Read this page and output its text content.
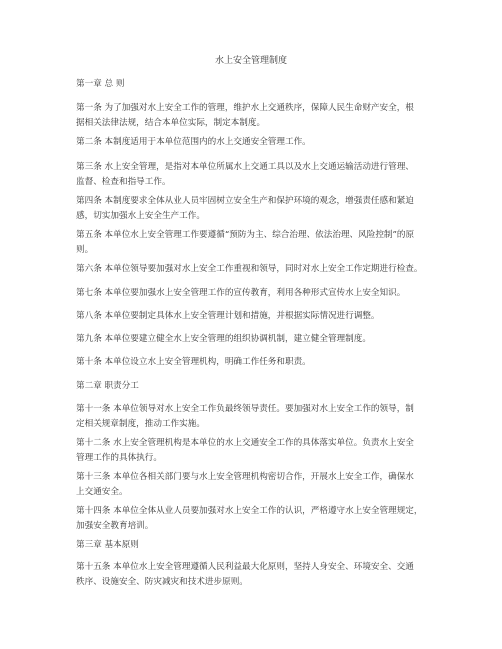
水上安全管理制度
第一章 总 则
第一条 为了加强对水上安全工作的管理，维护水上交通秩序，保障人民生命财产安全，根
据相关法律法规，结合本单位实际，制定本制度。
第二条 本制度适用于本单位范围内的水上交通安全管理工作。
第三条 水上安全管理，是指对本单位所属水上交通工具以及水上交通运输活动进行管理、
监督、检查和指导工作。
第四条 本制度要求全体从业人员牢固树立安全生产和保护环境的观念，增强责任感和紧迫
感，切实加强水上安全生产工作。
第五条 本单位水上安全管理工作要遵循“预防为主、综合治理、依法治理、风险控制”的原
则。
第六条 本单位领导要加强对水上安全工作重视和领导，同时对水上安全工作定期进行检查。
第七条 本单位要加强水上安全管理工作的宣传教育，利用各种形式宣传水上安全知识。
第八条 本单位要制定具体水上安全管理计划和措施，并根据实际情况进行调整。
第九条 本单位要建立健全水上安全管理的组织协调机制，建立健全管理制度。
第十条 本单位设立水上安全管理机构，明确工作任务和职责。
第二章 职责分工
第十一条 本单位领导对水上安全工作负最终领导责任。要加强对水上安全工作的领导，制
定相关规章制度，推动工作实施。
第十二条 水上安全管理机构是本单位的水上交通安全工作的具体落实单位。负责水上安全
管理工作的具体执行。
第十三条 本单位各相关部门要与水上安全管理机构密切合作，开展水上安全工作，确保水
上交通安全。
第十四条 本单位全体从业人员要加强对水上安全工作的认识，严格遵守水上安全管理规定，
加强安全教育培训。
第三章 基本原则
第十五条 本单位水上安全管理遵循人民利益最大化原则，坚持人身安全、环境安全、交通
秩序、设施安全、防灾减灾和技术进步原则。
